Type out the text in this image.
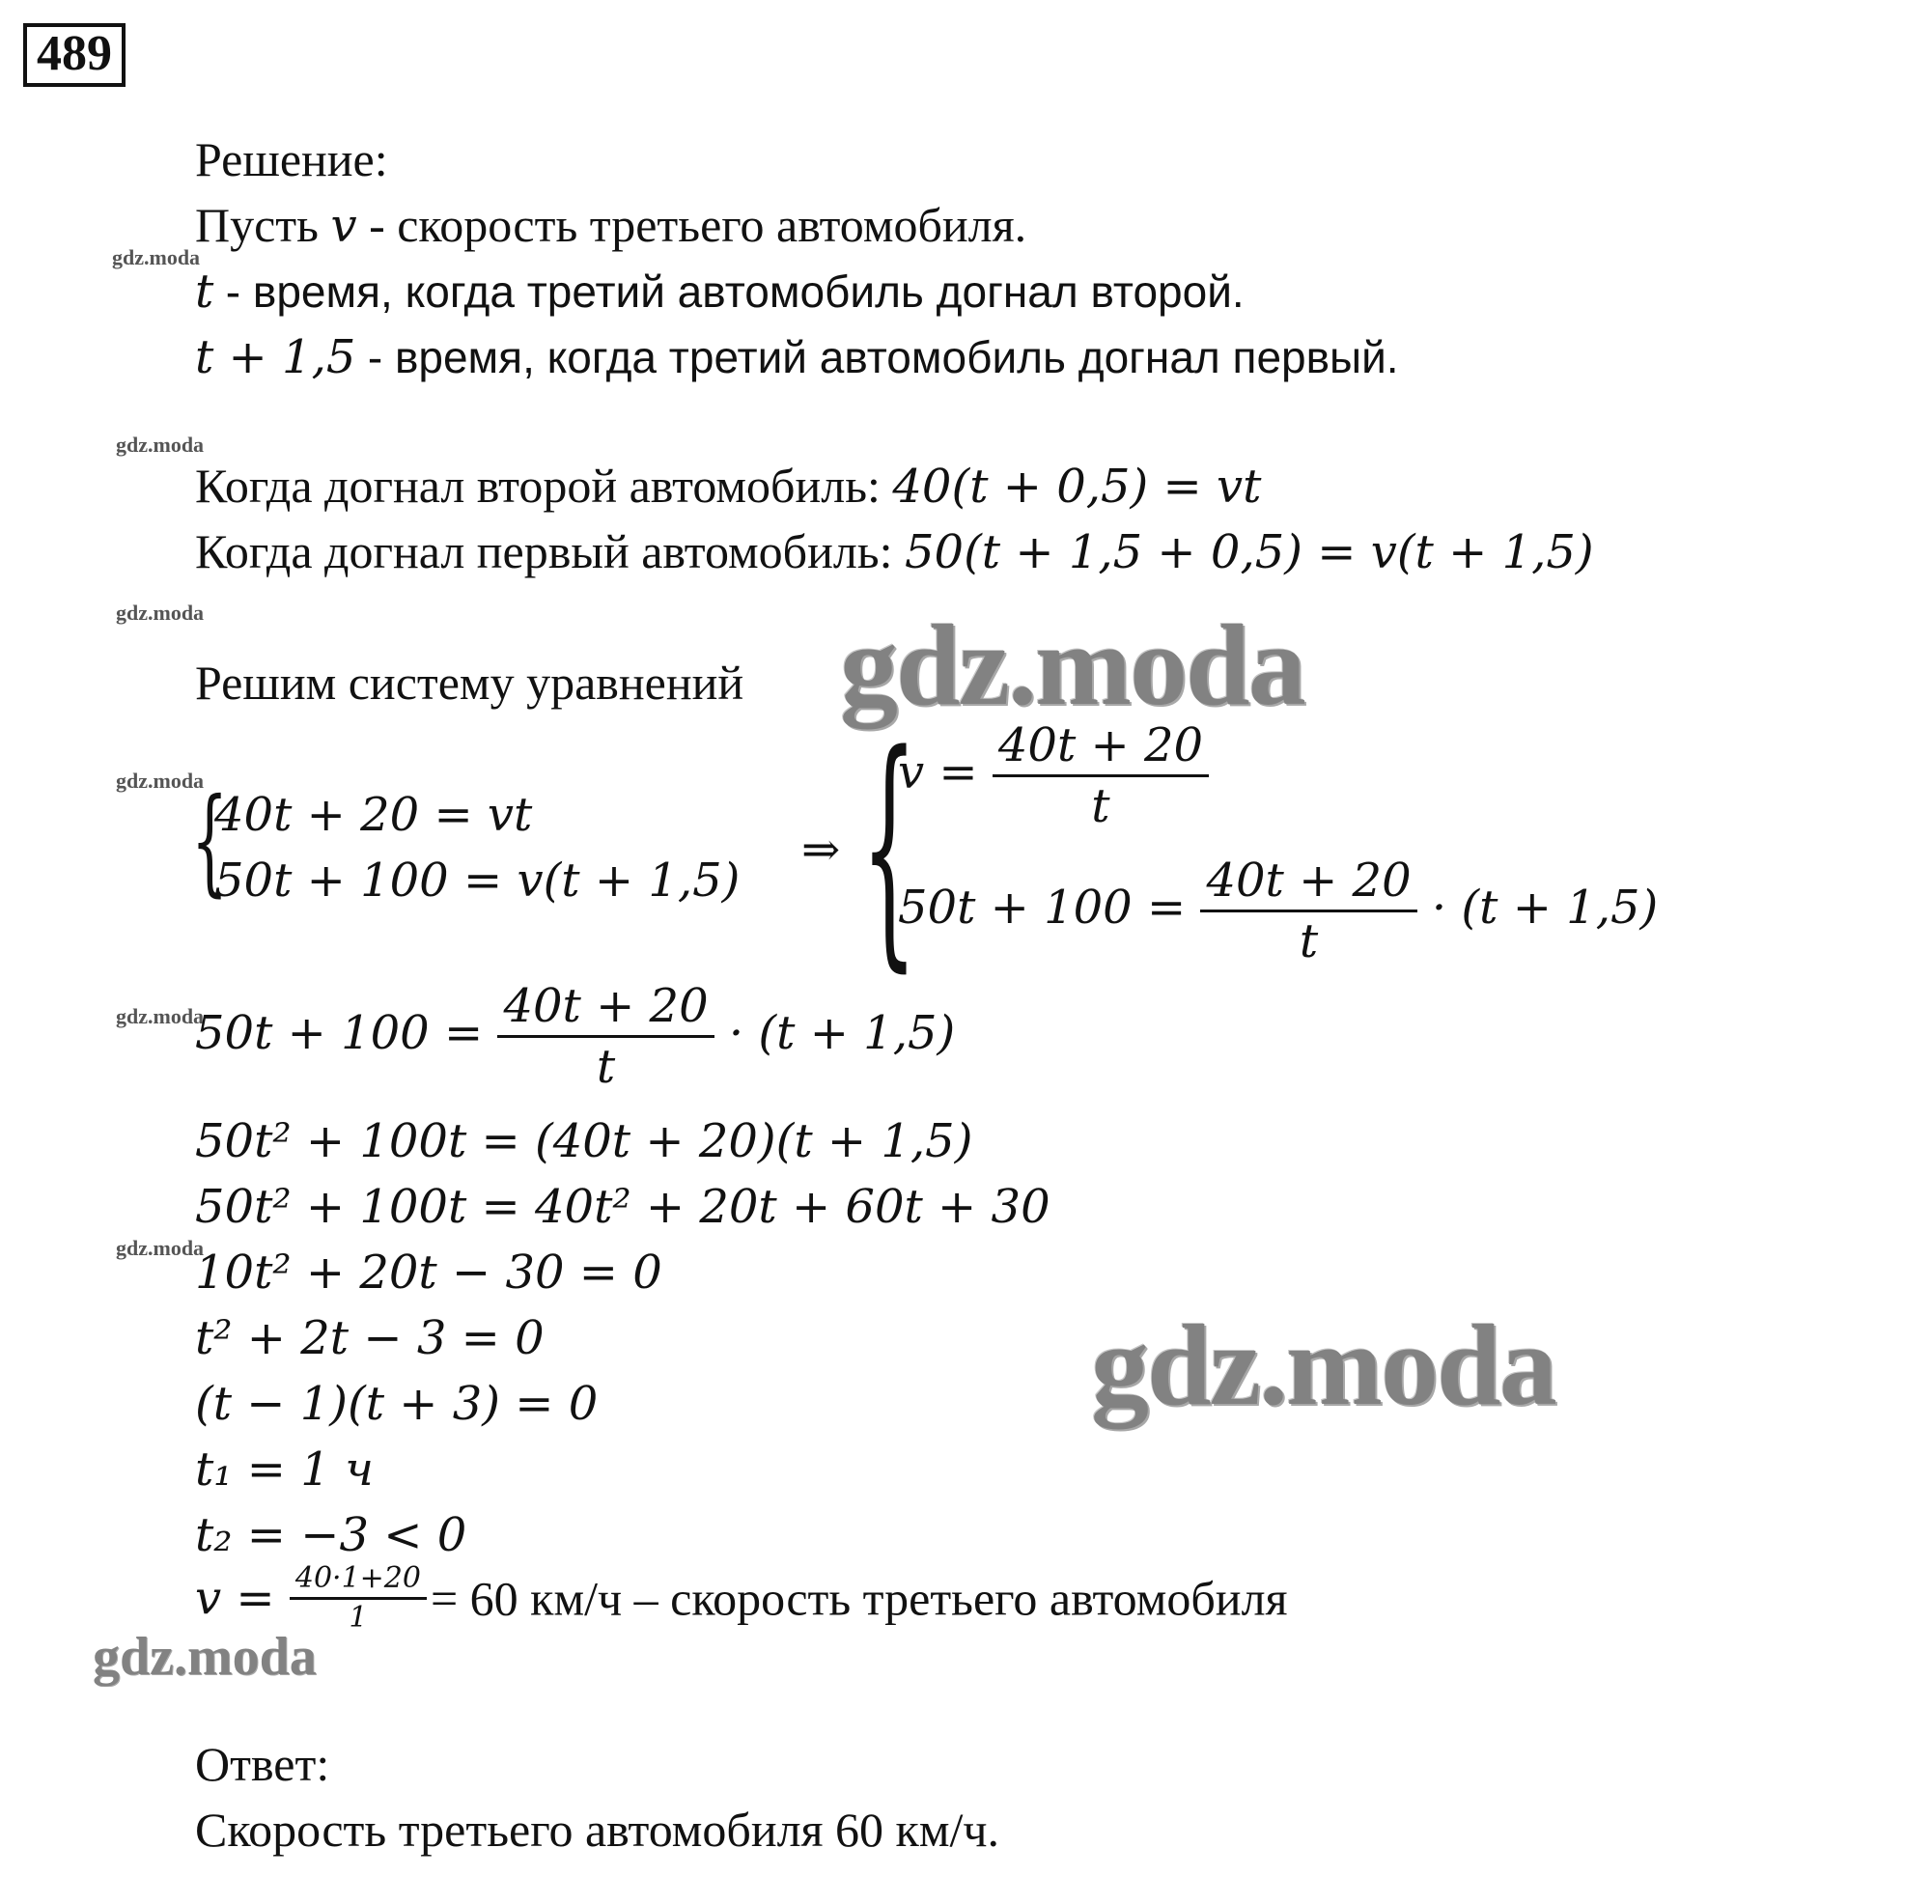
489
gdz.moda
gdz.moda
gdz.moda
gdz.moda
gdz.moda
gdz.moda
Решение:
Пусть v - скорость третьего автомобиля.
t - время, когда третий автомобиль догнал второй.
t + 1,5 - время, когда третий автомобиль догнал первый.
Когда догнал второй автомобиль: 40(t + 0,5) = vt
Когда догнал первый автомобиль: 50(t + 1,5 + 0,5) = v(t + 1,5)
Решим систему уравнений gdz.moda
{
40t + 20 = vt
50t + 100 = v(t + 1,5)
⇒ {
$v = \frac{40t + 20}{t}$
$50t + 100 = \frac{40t + 20}{t} \cdot (t + 1,5)$
$50t + 100 = \frac{40t + 20}{t} \cdot (t + 1,5)$
50t² + 100t = (40t + 20)(t + 1,5)
50t² + 100t = 40t² + 20t + 60t + 30
10t² + 20t − 30 = 0
t² + 2t − 3 = 0
(t − 1)(t + 3) = 0
t₁ = 1 ч
t₂ = −3 < 0
gdz.moda
$v = \frac{40\cdot 1+20}{1} = 60$ км/ч – скорость третьего автомобиля
gdz.moda
Ответ:
Скорость третьего автомобиля 60 км/ч.
